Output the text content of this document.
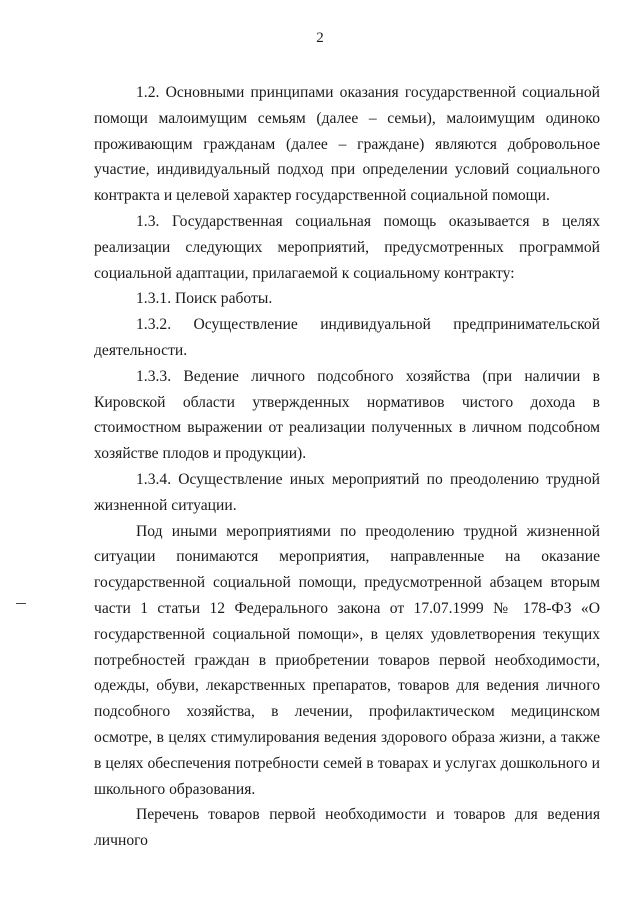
2

1.2. Основными принципами оказания государственной социальной помощи малоимущим семьям (далее – семьи), малоимущим одиноко проживающим гражданам (далее – граждане) являются добровольное участие, индивидуальный подход при определении условий социального контракта и целевой характер государственной социальной помощи.

1.3. Государственная социальная помощь оказывается в целях реализации следующих мероприятий, предусмотренных программой социальной адаптации, прилагаемой к социальному контракту:

1.3.1. Поиск работы.

1.3.2. Осуществление индивидуальной предпринимательской деятельности.

1.3.3. Ведение личного подсобного хозяйства (при наличии в Кировской области утвержденных нормативов чистого дохода в стоимостном выражении от реализации полученных в личном подсобном хозяйстве плодов и продукции).

1.3.4. Осуществление иных мероприятий по преодолению трудной жизненной ситуации.

Под иными мероприятиями по преодолению трудной жизненной ситуации понимаются мероприятия, направленные на оказание государственной социальной помощи, предусмотренной абзацем вторым части 1 статьи 12 Федерального закона от 17.07.1999 № 178-ФЗ «О государственной социальной помощи», в целях удовлетворения текущих потребностей граждан в приобретении товаров первой необходимости, одежды, обуви, лекарственных препаратов, товаров для ведения личного подсобного хозяйства, в лечении, профилактическом медицинском осмотре, в целях стимулирования ведения здорового образа жизни, а также в целях обеспечения потребности семей в товарах и услугах дошкольного и школьного образования.

Перечень товаров первой необходимости и товаров для ведения личного
